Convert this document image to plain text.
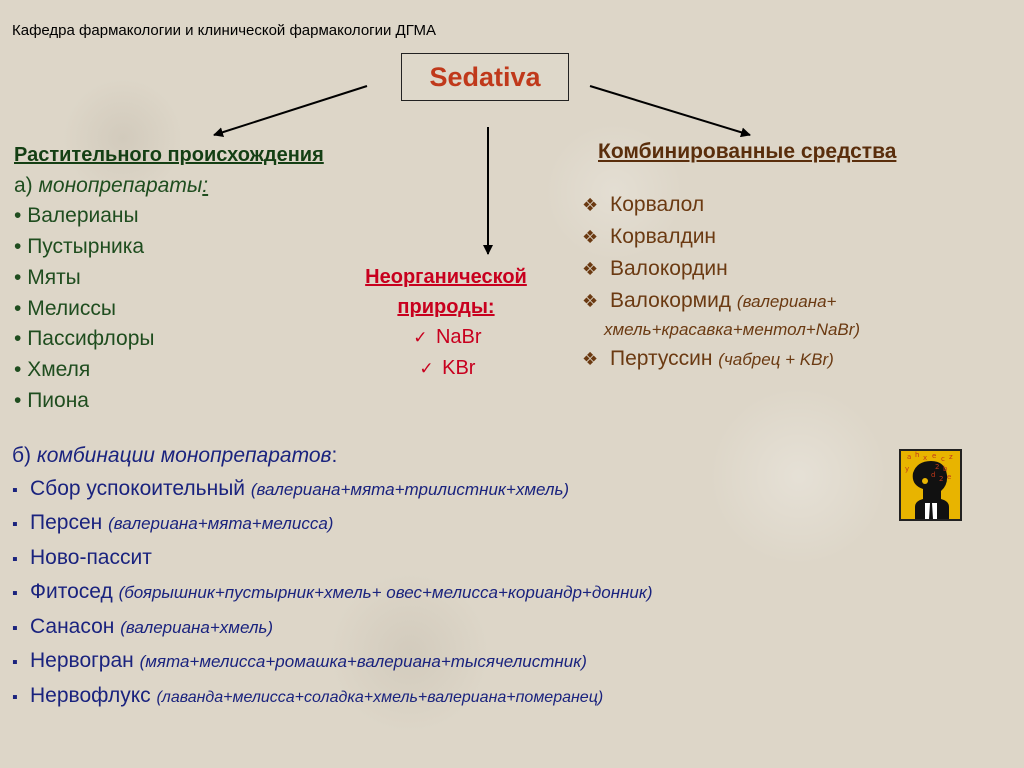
Кафедра фармакологии и клинической фармакологии ДГМА
Sedativa
Растительного происхождения
а) монопрепараты:
• Валерианы
• Пустырника
• Мяты
• Мелиссы
• Пассифлоры
• Хмеля
• Пиона
Неорганической
природы:
✓ NaBr
✓ KBr
Комбинированные средства
❖ Корвалол
❖ Корвалдин
❖ Валокордин
❖ Валокормид (валериана+
хмель+красавка+ментол+NaBr)
❖ Пертуссин (чабрец + KBr)
б) комбинации монопрепаратов:
▪ Сбор успокоительный (валериана+мята+трилистник+хмель)
▪ Персен (валериана+мята+мелисса)
▪ Ново-пассит
▪ Фитосед (боярышник+пустырник+хмель+ овес+мелисса+кориандр+донник)
▪ Санасон (валериана+хмель)
▪ Нервогран (мята+мелисса+ромашка+валериана+тысячелистник)
▪ Нервофлукс (лаванда+мелисса+соладка+хмель+валериана+померанец)
a h x e c z
2 b
d 2 e
y
